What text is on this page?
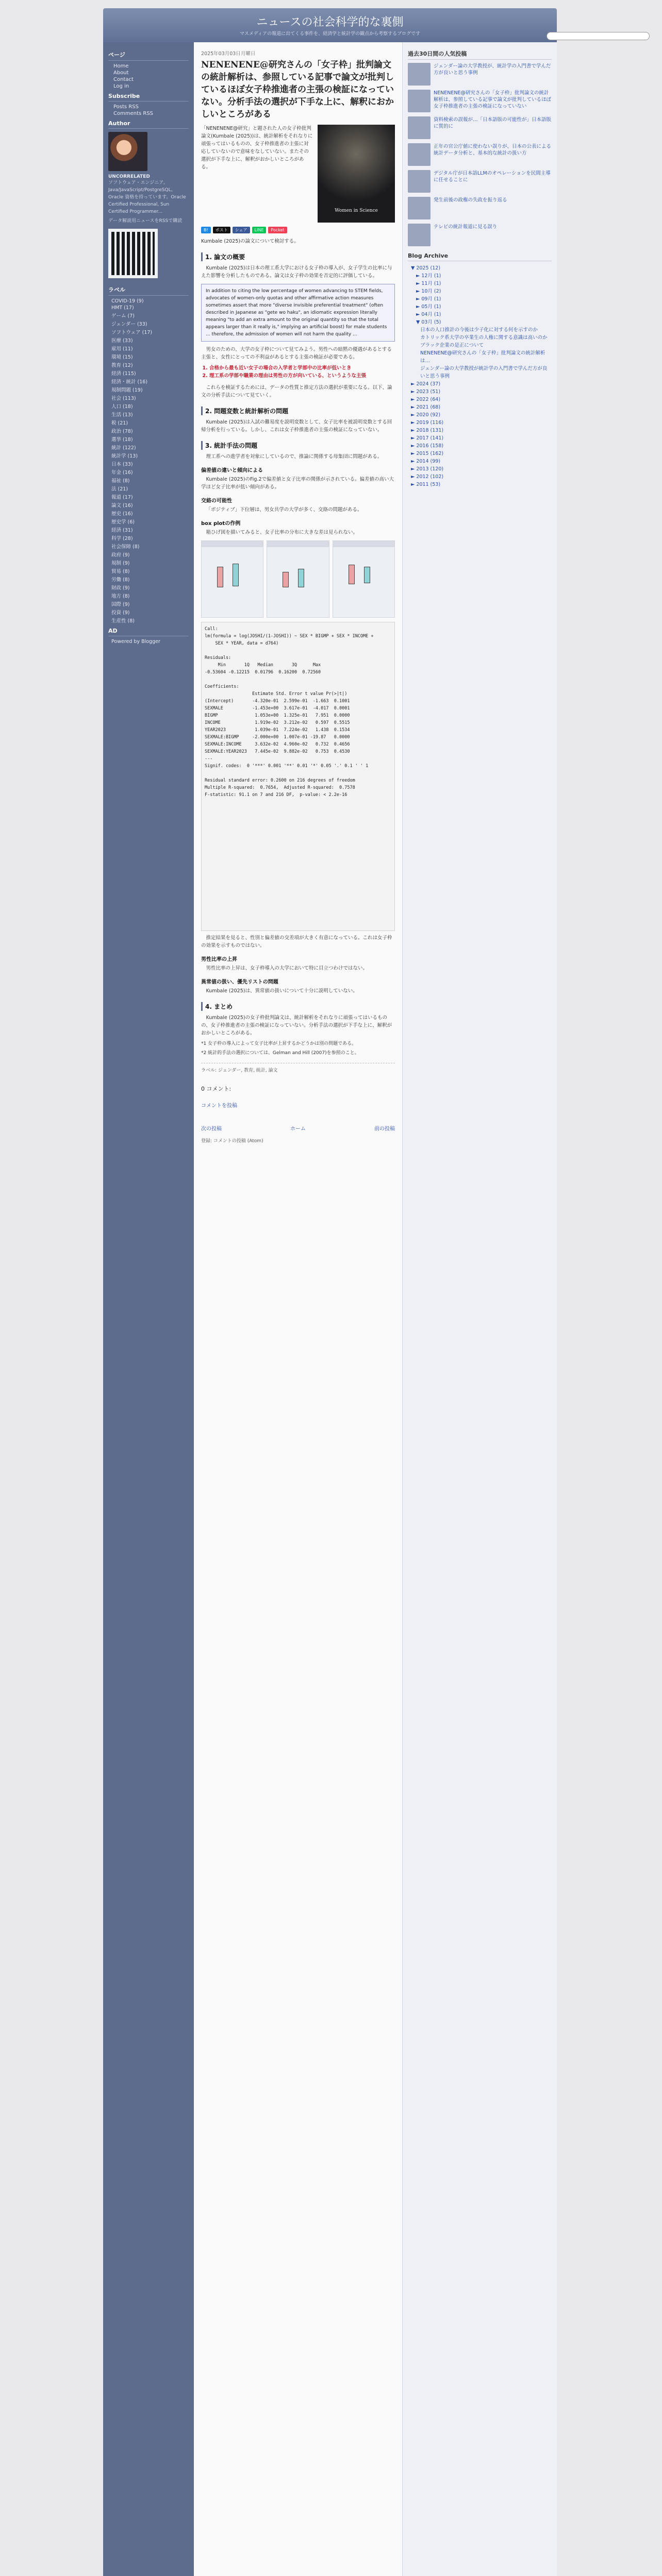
ニュースの社会科学的な裏側
マスメディアの報道に出てくる事件を、経済学と統計学の観点から考察するブログです
ページ
Home
About
Contact
Log in
Subscribe
Posts RSS
Comments RSS
Author
UNCORRELATED
ソフトウェア・エンジニア。Java/JavaScript/PostgreSQL。Oracle 資格を持っています。Oracle Certified Professional, Sun Certified Programmer...
データ解説用ニュースをRSSで購読
ラベル
COVID-19 (9)
HMT (17)
ゲーム (7)
ジェンダー (33)
ソフトウェア (17)
医療 (33)
雇用 (11)
環境 (15)
教育 (12)
経済 (115)
経済・統計 (16)
規制問題 (19)
社会 (113)
人口 (18)
生活 (13)
税 (21)
政治 (78)
選挙 (18)
統計 (122)
統計学 (13)
日本 (33)
年金 (16)
福祉 (8)
法 (21)
報道 (17)
論文 (16)
歴史 (16)
歴史学 (6)
経済 (31)
科学 (28)
社会保障 (8)
政府 (9)
規制 (9)
貿易 (8)
労働 (8)
財政 (9)
地方 (8)
国際 (9)
投資 (9)
生産性 (8)
AD
Powered by Blogger
2025年03月03日月曜日
NENENENE@研究さんの「女子枠」批判論文の統計解析は、参照している記事で論文が批判しているほぼ女子枠推進者の主張の検証になっていない。分析手法の選択が下手な上に、解釈におかしいところがある
「NENENENE@研究」と題された人の女子枠批判論文(Kumbale (2025))は、統計解析をそれなりに頑張ってはいるものの、女子枠推進者の主張に対応していないので意味をなしていない。またその選択が下手な上に、解釈がおかしいところがある。
Women in Science
B!	ポスト	シェア	LINE	Pocket
Kumbale (2025)の論文について検討する。
1. 論文の概要

Kumbale (2025)は日本の理工系大学における女子枠の導入が、女子学生の比率に与えた影響を分析したものである。論文は女子枠の効果を否定的に評価している。

In addition to citing the low percentage of women advancing to STEM fields, advocates of women-only quotas and other affirmative action measures sometimes assert that more "diverse invisible preferential treatment" (often described in Japanese as "gete wo haku", an idiomatic expression literally meaning "to add an extra amount to the original quantity so that the total appears larger than it really is," implying an artificial boost) for male students ... therefore, the admission of women will not harm the quality ...

男女のための、大学の女子枠について見てみよう。男性への暗黙の優遇があるとする主張と、女性にとっての不利益があるとする主張の検証が必要である。

1. 合格から最も近い女子の場合の入学者と学部中の比率が低いとき
2. 理工系の学部や職業の理由は男性の方が向いている、というような主張

これらを検証するためには、データの性質と推定方法の選択が重要になる。以下、論文の分析手法について見ていく。

2. 問題変数と統計解析の問題

Kumbale (2025)は入試の難易度を説明変数として、女子比率を被説明変数とする回帰分析を行っている。しかし、これは女子枠推進者の主張の検証になっていない。

3. 統計手法の問題

理工系への進学者を対象にしているので、推論に関係する母集団に問題がある。

偏差値の違いと傾向による

Kumbale (2025)のFig.2で偏差値と女子比率の関係が示されている。偏差値の高い大学ほど女子比率が低い傾向がある。

交絡の可能性

「ポジティブ」下位層は、男女共学の大学が多く、交絡の問題がある。

box plotの作例

箱ひげ図を描いてみると、女子比率の分布に大きな差は見られない。

Call:
lm(formula = log(JOSHI/(1-JOSHI)) ~ SEX * BIGMP + SEX * INCOME +
SEX * YEAR, data = d764)

Residuals:
Min       1Q   Median       3Q      Max
-0.53604 -0.12215  0.01796  0.16200  0.72560

Coefficients:
Estimate Std. Error t value Pr(>|t|)
(Intercept)       -4.320e-01  2.599e-01  -1.663  0.1001
SEXMALE           -1.453e+00  3.617e-01  -4.017  0.0001
BIGMP              1.053e+00  1.325e-01   7.951  0.0000
INCOME             1.919e-02  3.212e-02   0.597  0.5515
YEAR2023           1.039e-01  7.224e-02   1.438  0.1534
SEXMALE:BIGMP     -2.000e+00  1.007e-01 -19.87   0.0000
SEXMALE:INCOME     3.632e-02  4.960e-02   0.732  0.4656
SEXMALE:YEAR2023   7.445e-02  9.882e-02   0.753  0.4530
---
Signif. codes:  0 '***' 0.001 '**' 0.01 '*' 0.05 '.' 0.1 ' ' 1

Residual standard error: 0.2600 on 216 degrees of freedom
Multiple R-squared:  0.7654,  Adjusted R-squared:  0.7578
F-statistic: 91.1 on 7 and 216 DF,  p-value: < 2.2e-16

推定結果を見ると、性別と偏差値の交差項が大きく有意になっている。これは女子枠の効果を示すものではない。

男性比率の上昇

男性比率の上昇は、女子枠導入の大学において特に目立つわけではない。

異常値の扱い、優先リストの問題

Kumbale (2025)は、異常値の扱いについて十分に説明していない。

4. まとめ

Kumbale (2025)の女子枠批判論文は、統計解析をそれなりに頑張ってはいるものの、女子枠推進者の主張の検証になっていない。分析手法の選択が下手な上に、解釈がおかしいところがある。

*1 女子枠の導入によって女子比率が上昇するかどうかは別の問題である。
*2 統計的手法の選択については、Gelman and Hill (2007)を参照のこと。
ラベル: ジェンダー, 教育, 統計, 論文
0 コメント:
コメントを投稿
次の投稿	ホーム	前の投稿
登録: コメントの投稿 (Atom)
過去30日間の人気投稿
ジェンダー論の大学教授が、統計学の入門書で学んだ方が良いと思う事例
NENENENE@研究さんの「女子枠」批判論文の統計解析は、参照している記事で論文が批判しているほぼ女子枠推進者の主張の検証になっていない
資料検索の誤報が…「日本語版の可能性が」日本語版に質的に
正年の官公庁値に使わない誤りが、日本の公表による統計データ分析と、基本的な統計の扱い方
デジタル庁が日本語LLMのオペレーションを民間主導に任せることに
発生前後の政権の失政を振り返る
テレビの統計報道に見る誤り
Blog Archive
▼ 2025 (12)
► 12月 (1)
► 11月 (1)
► 10月 (2)
► 09月 (1)
► 05月 (1)
► 04月 (1)
▼ 03月 (5)
日本の人口推計の今後は少子化に対する何を示すのか
カトリック系大学の卒業生の人権に関する意識は高いのか
ブラック企業の是正について
NENENENE@研究さんの「女子枠」批判論文の統計解析は…
ジェンダー論の大学教授が統計学の入門書で学んだ方が良いと思う事例
► 2024 (37)
► 2023 (51)
► 2022 (64)
► 2021 (68)
► 2020 (92)
► 2019 (116)
► 2018 (131)
► 2017 (141)
► 2016 (158)
► 2015 (162)
► 2014 (99)
► 2013 (120)
► 2012 (102)
► 2011 (53)
